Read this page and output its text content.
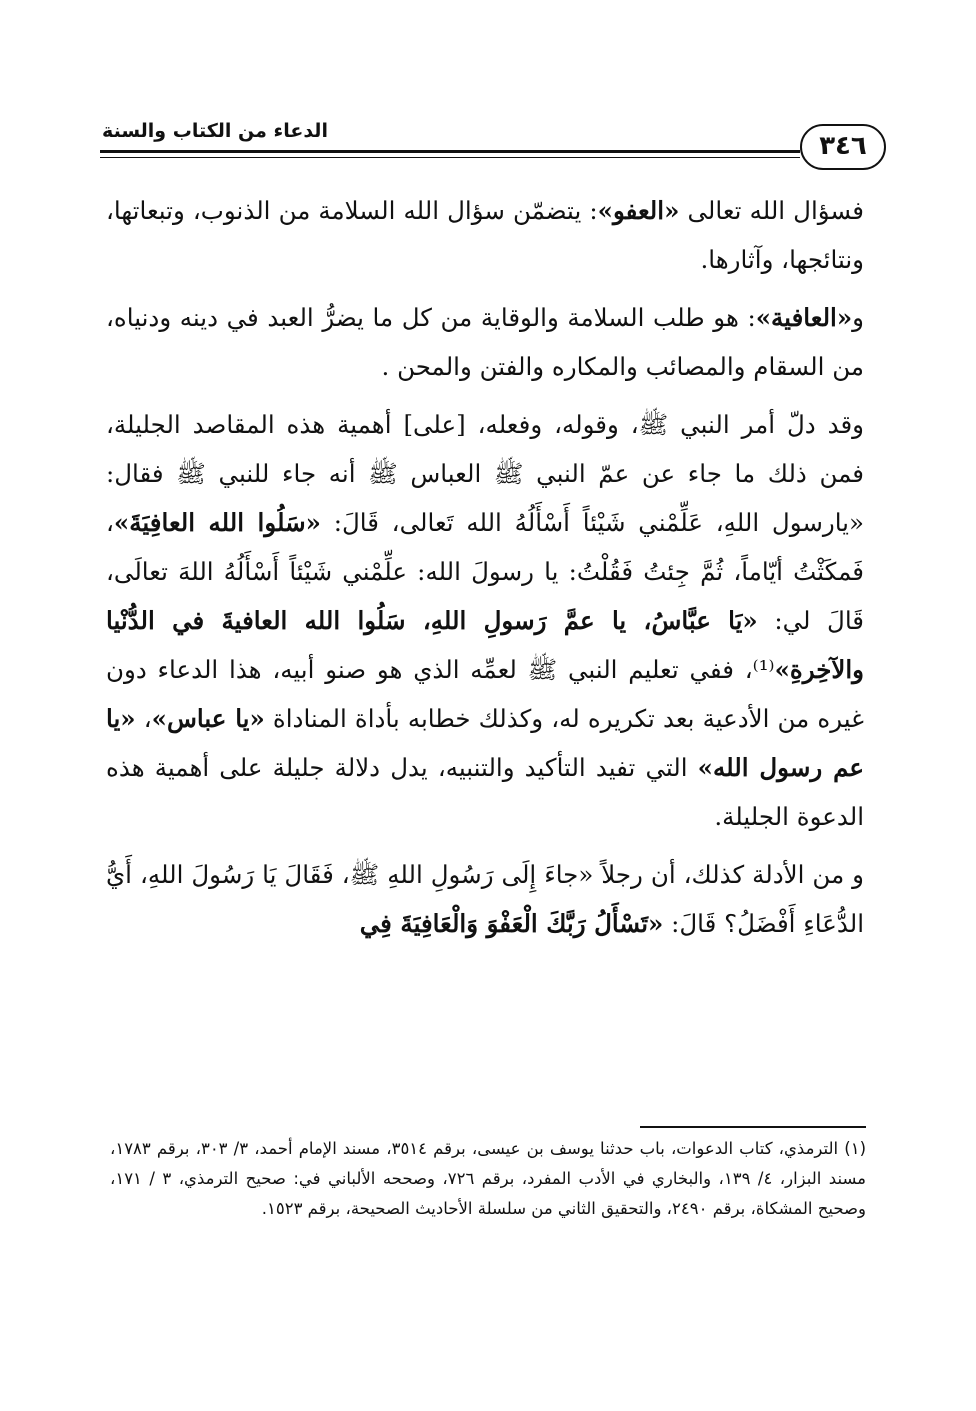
الدعاء من الكتاب والسنة	٣٤٦

فسؤال الله تعالى «العفو»: يتضمّن سؤال الله السلامة من الذنوب، وتبعاتها، ونتائجها، وآثارها.

و«العافية»: هو طلب السلامة والوقاية من كل ما يضرُّ العبد في دينه ودنياه، من السقام والمصائب والمكاره والفتن والمحن .

وقد دلّ أمر النبي ﷺ، وقوله، وفعله، [على] أهمية هذه المقاصد الجليلة، فمن ذلك ما جاء عن عمّ النبي ﷺ العباس ﷺ أنه جاء للنبي ﷺ فقال: «يارسول اللهِ، عَلِّمْني شَيْئاً أَسْأَلُهُ الله تَعالى، قَالَ: «سَلُوا الله العافِيَةَ»، فَمكَثْتُ أيّاماً، ثُمَّ جِئتُ فَقُلْتُ: يا رسولَ الله: علِّمْني شَيْئاً أَسْأَلُهُ اللهَ تعالَى، قَالَ لي: «يَا عبَّاسُ، يا عمَّ رَسولِ اللهِ، سَلُوا الله العافيةَ في الدُّنْيا والآخِرةِ»⁽¹⁾، ففي تعليم النبي ﷺ لعمِّه الذي هو صنو أبيه، هذا الدعاء دون غيره من الأدعية بعد تكريره له، وكذلك خطابه بأداة المناداة «يا عباس»، «يا عم رسول الله» التي تفيد التأكيد والتنبيه، يدل دلالة جليلة على أهمية هذه الدعوة الجليلة.

و من الأدلة كذلك، أن رجلاً «جاءَ إِلَى رَسُولِ اللهِ ﷺ، فَقَالَ يَا رَسُولَ اللهِ، أَيُّ الدُّعَاءِ أَفْضَلُ؟ قَالَ: «تَسْأَلُ رَبَّكَ الْعَفْوَ وَالْعَافِيَةَ فِي

(١) الترمذي، كتاب الدعوات، باب حدثنا يوسف بن عيسى، برقم ٣٥١٤، مسند الإمام أحمد، ٣/ ٣٠٣، برقم ١٧٨٣، مسند البزار، ٤/ ١٣٩، والبخاري في الأدب المفرد، برقم ٧٢٦، وصححه الألباني في: صحيح الترمذي، ٣ / ١٧١، وصحيح المشكاة، برقم ٢٤٩٠، والتحقيق الثاني من سلسلة الأحاديث الصحيحة، برقم ١٥٢٣.
